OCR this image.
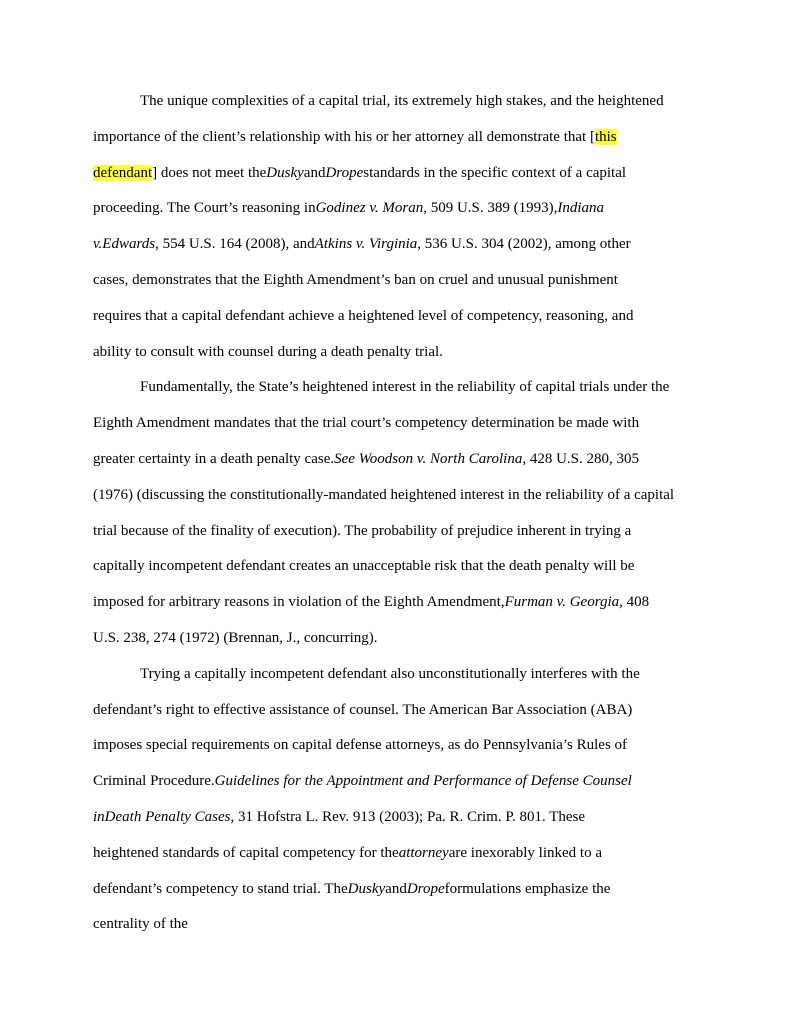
The unique complexities of a capital trial, its extremely high stakes, and the heightened
importance of the client’s relationship with his or her attorney all demonstrate that [this
defendant] does not meet theDuskyandDropestandards in the specific context of a capital
proceeding. The Court’s reasoning inGodinez v. Moran, 509 U.S. 389 (1993),Indiana
v.Edwards, 554 U.S. 164 (2008), andAtkins v. Virginia, 536 U.S. 304 (2002), among other
cases, demonstrates that the Eighth Amendment’s ban on cruel and unusual punishment
requires that a capital defendant achieve a heightened level of competency, reasoning, and
ability to consult with counsel during a death penalty trial.
Fundamentally, the State’s heightened interest in the reliability of capital trials under the
Eighth Amendment mandates that the trial court’s competency determination be made with
greater certainty in a death penalty case.See Woodson v. North Carolina, 428 U.S. 280, 305
(1976) (discussing the constitutionally-mandated heightened interest in the reliability of a capital
trial because of the finality of execution). The probability of prejudice inherent in trying a
capitally incompetent defendant creates an unacceptable risk that the death penalty will be
imposed for arbitrary reasons in violation of the Eighth Amendment,Furman v. Georgia, 408
U.S. 238, 274 (1972) (Brennan, J., concurring).
Trying a capitally incompetent defendant also unconstitutionally interferes with the
defendant’s right to effective assistance of counsel. The American Bar Association (ABA)
imposes special requirements on capital defense attorneys, as do Pennsylvania’s Rules of
Criminal Procedure.Guidelines for the Appointment and Performance of Defense Counsel
inDeath Penalty Cases, 31 Hofstra L. Rev. 913 (2003); Pa. R. Crim. P. 801. These
heightened standards of capital competency for theattorneyare inexorably linked to a
defendant’s competency to stand trial. TheDuskyandDropeformulations emphasize the
centrality of the
